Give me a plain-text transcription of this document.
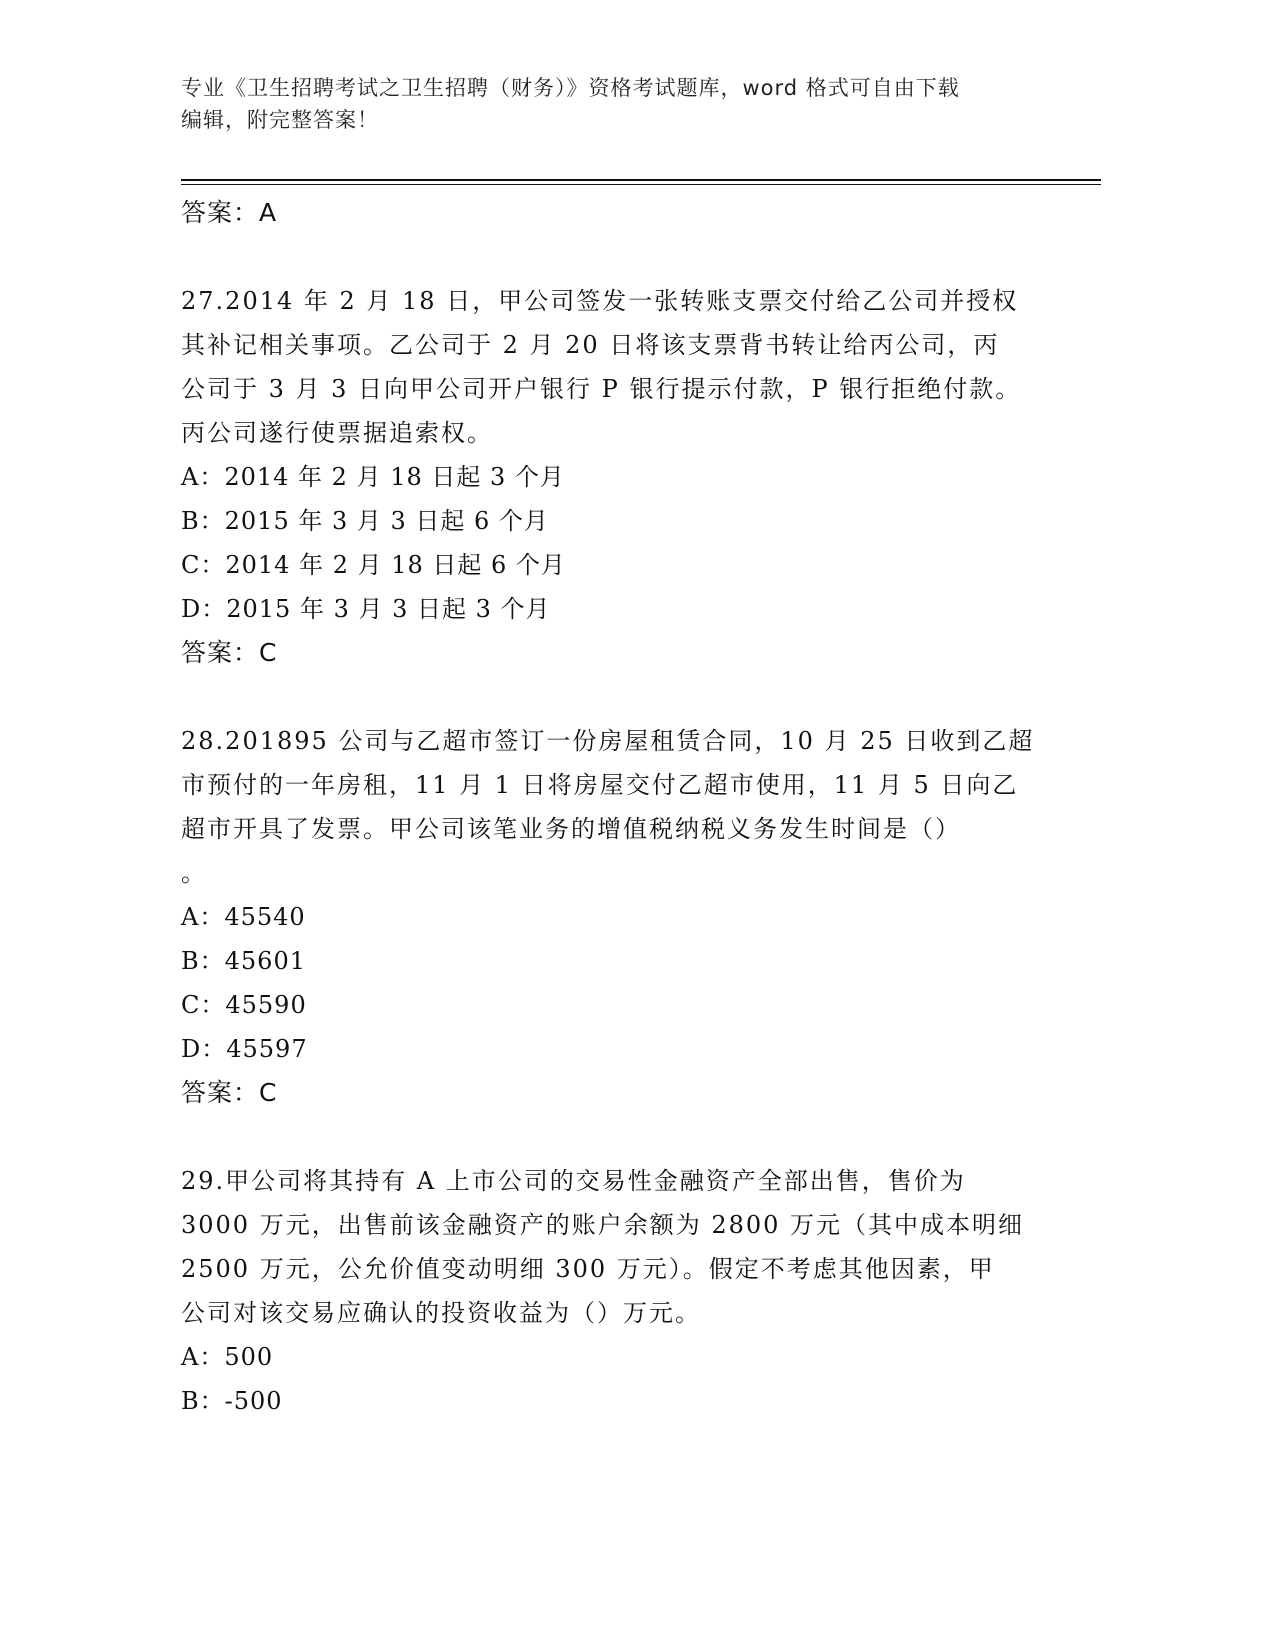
专业《卫生招聘考试之卫生招聘（财务）》资格考试题库，word 格式可自由下载

编辑，附完整答案！

答案：A

27.2014 年 2 月 18 日，甲公司签发一张转账支票交付给乙公司并授权

其补记相关事项。乙公司于 2 月 20 日将该支票背书转让给丙公司，丙

公司于 3 月 3 日向甲公司开户银行 P 银行提示付款，P 银行拒绝付款。

丙公司遂行使票据追索权。

A：2014 年 2 月 18 日起 3 个月

B：2015 年 3 月 3 日起 6 个月

C：2014 年 2 月 18 日起 6 个月

D：2015 年 3 月 3 日起 3 个月

答案：C

28.201895 公司与乙超市签订一份房屋租赁合同，10 月 25 日收到乙超

市预付的一年房租，11 月 1 日将房屋交付乙超市使用，11 月 5 日向乙

超市开具了发票。甲公司该笔业务的增值税纳税义务发生时间是（）

。

A：45540

B：45601

C：45590

D：45597

答案：C

29.甲公司将其持有 A 上市公司的交易性金融资产全部出售，售价为

3000 万元，出售前该金融资产的账户余额为 2800 万元（其中成本明细

2500 万元，公允价值变动明细 300 万元）。假定不考虑其他因素，甲

公司对该交易应确认的投资收益为（）万元。

A：500

B：-500
